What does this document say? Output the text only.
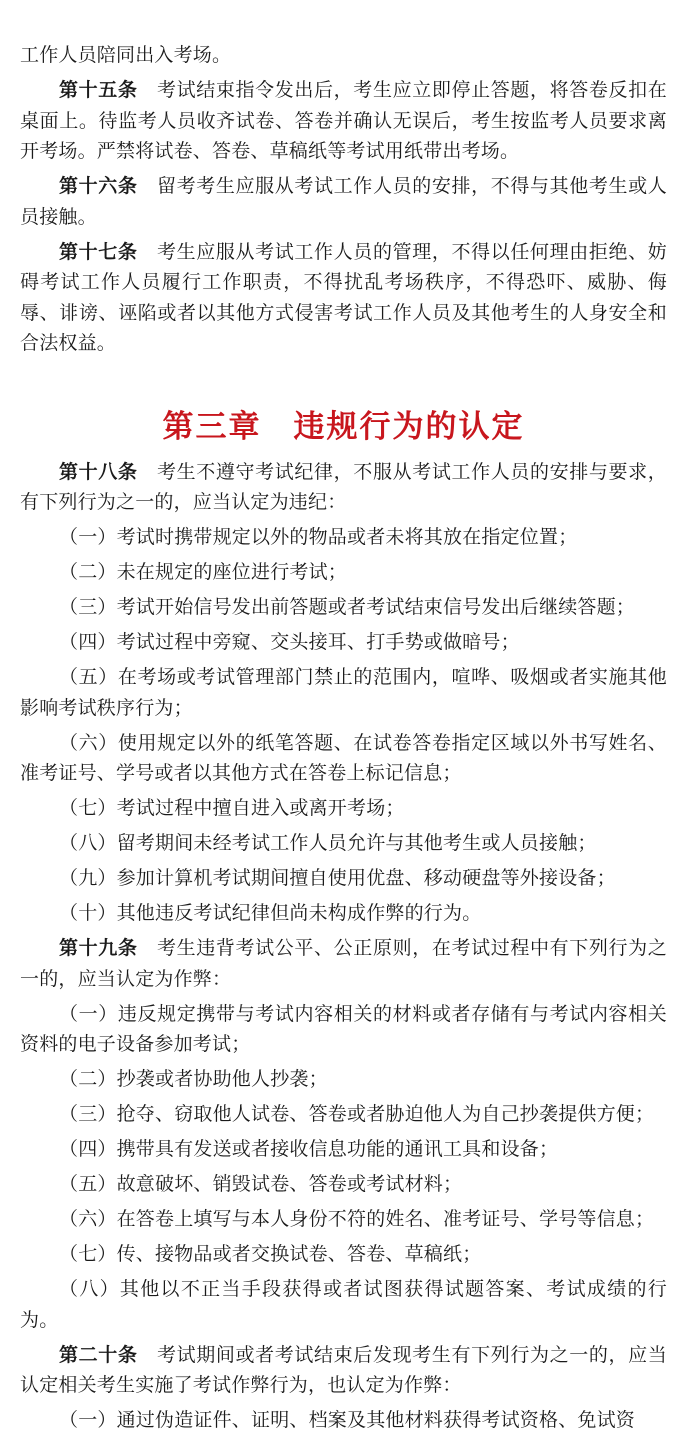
工作人员陪同出入考场。

第十五条 考试结束指令发出后，考生应立即停止答题，将答卷反扣在桌面上。待监考人员收齐试卷、答卷并确认无误后，考生按监考人员要求离开考场。严禁将试卷、答卷、草稿纸等考试用纸带出考场。

第十六条 留考考生应服从考试工作人员的安排，不得与其他考生或人员接触。

第十七条 考生应服从考试工作人员的管理，不得以任何理由拒绝、妨碍考试工作人员履行工作职责，不得扰乱考场秩序，不得恐吓、威胁、侮辱、诽谤、诬陷或者以其他方式侵害考试工作人员及其他考生的人身安全和合法权益。

第三章 违规行为的认定

第十八条 考生不遵守考试纪律，不服从考试工作人员的安排与要求，有下列行为之一的，应当认定为违纪：

（一）考试时携带规定以外的物品或者未将其放在指定位置；

（二）未在规定的座位进行考试；

（三）考试开始信号发出前答题或者考试结束信号发出后继续答题；

（四）考试过程中旁窥、交头接耳、打手势或做暗号；

（五）在考场或考试管理部门禁止的范围内，喧哗、吸烟或者实施其他影响考试秩序行为；

（六）使用规定以外的纸笔答题、在试卷答卷指定区域以外书写姓名、准考证号、学号或者以其他方式在答卷上标记信息；

（七）考试过程中擅自进入或离开考场；

（八）留考期间未经考试工作人员允许与其他考生或人员接触；

（九）参加计算机考试期间擅自使用优盘、移动硬盘等外接设备；

（十）其他违反考试纪律但尚未构成作弊的行为。

第十九条 考生违背考试公平、公正原则，在考试过程中有下列行为之一的，应当认定为作弊：

（一）违反规定携带与考试内容相关的材料或者存储有与考试内容相关资料的电子设备参加考试；

（二）抄袭或者协助他人抄袭；

（三）抢夺、窃取他人试卷、答卷或者胁迫他人为自己抄袭提供方便；

（四）携带具有发送或者接收信息功能的通讯工具和设备；

（五）故意破坏、销毁试卷、答卷或考试材料；

（六）在答卷上填写与本人身份不符的姓名、准考证号、学号等信息；

（七）传、接物品或者交换试卷、答卷、草稿纸；

（八）其他以不正当手段获得或者试图获得试题答案、考试成绩的行为。

第二十条 考试期间或者考试结束后发现考生有下列行为之一的，应当认定相关考生实施了考试作弊行为，也认定为作弊：

（一）通过伪造证件、证明、档案及其他材料获得考试资格、免试资
